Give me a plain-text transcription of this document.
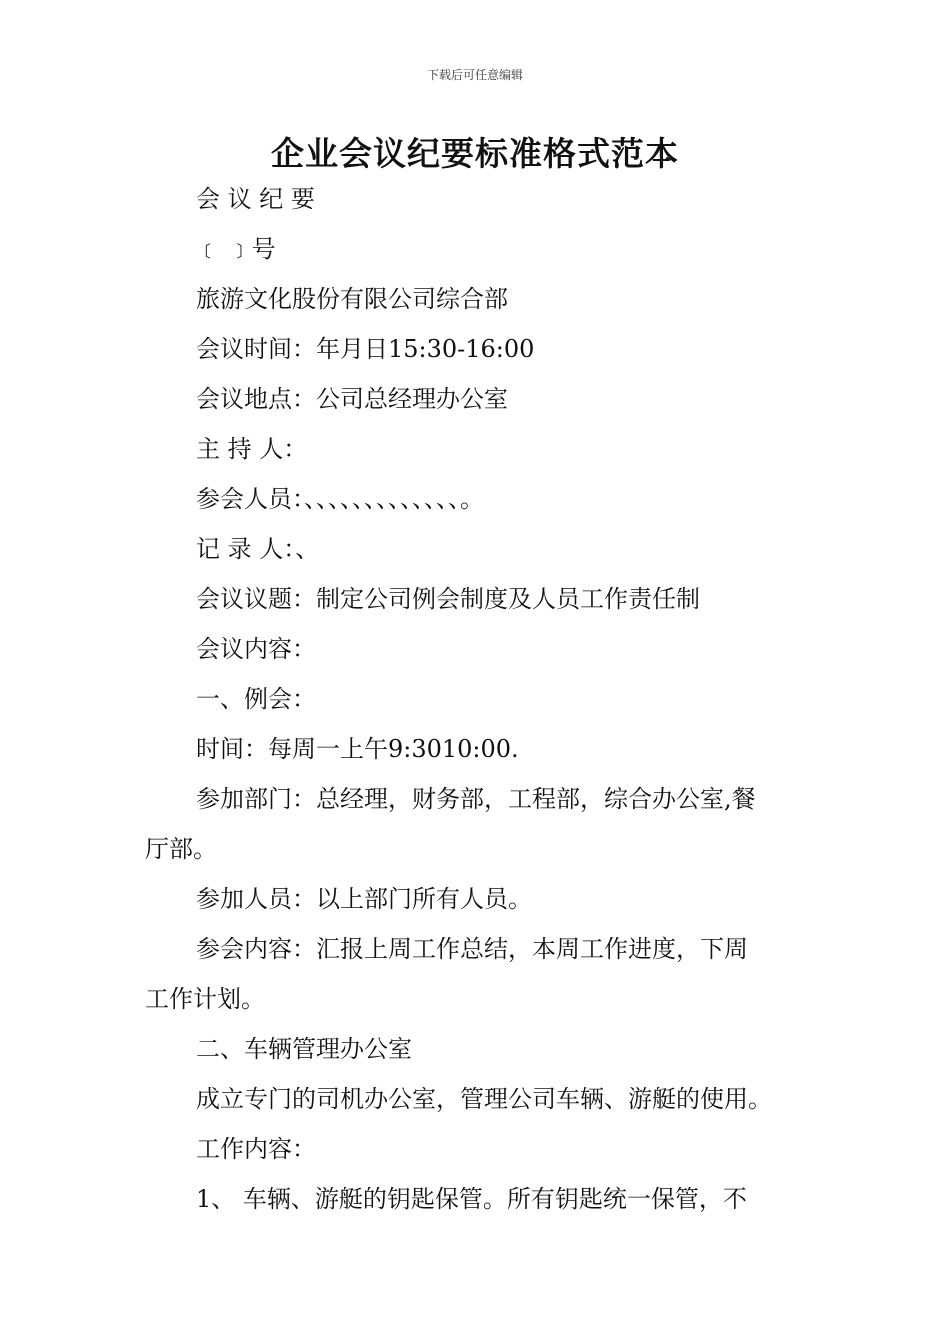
下载后可任意编辑
企业会议纪要标准格式范本
会 议 纪 要
﹝ ﹞号
旅游文化股份有限公司综合部
会议时间：年月日15:30-16:00
会议地点：公司总经理办公室
主 持 人：
参会人员：、、、、、、、、、、、、、。
记 录 人：、
会议议题：制定公司例会制度及人员工作责任制
会议内容：
一、例会：
时间：每周一上午9:3010:00.
参加部门：总经理，财务部，工程部，综合办公室,餐
厅部。
参加人员：以上部门所有人员。
参会内容：汇报上周工作总结，本周工作进度，下周
工作计划。
二、车辆管理办公室
成立专门的司机办公室，管理公司车辆、游艇的使用。
工作内容：
1、 车辆、游艇的钥匙保管。所有钥匙统一保管，不
